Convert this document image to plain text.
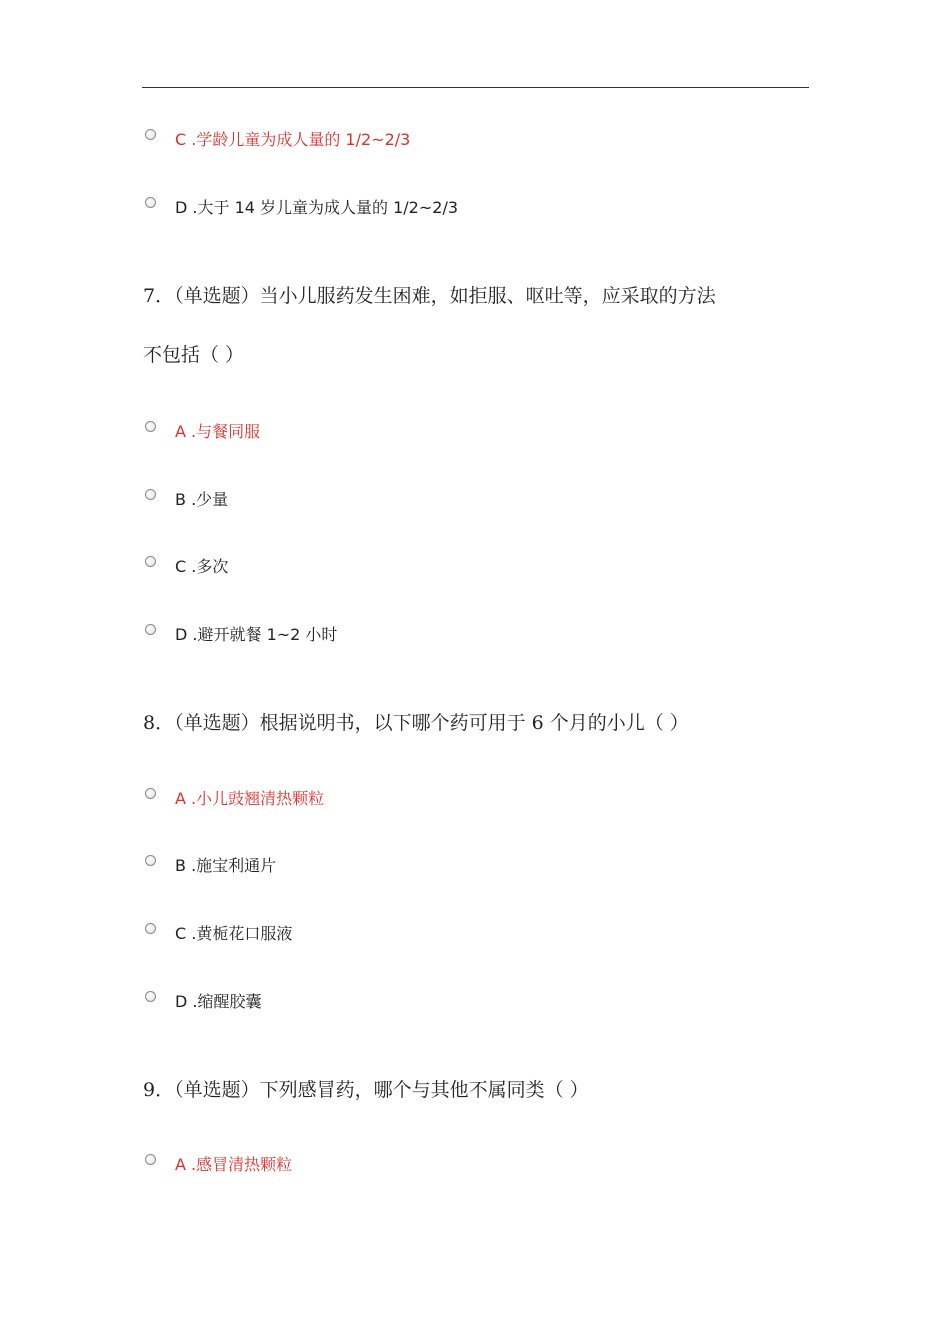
C .学龄儿童为成人量的 1/2~2/3
D .大于 14 岁儿童为成人量的 1/2~2/3
7．（单选题）当小儿服药发生困难，如拒服、呕吐等，应采取的方法
不包括（ ）
A .与餐同服
B .少量
C .多次
D .避开就餐 1~2 小时
8．（单选题）根据说明书，以下哪个药可用于 6 个月的小儿（ ）
A .小儿豉翘清热颗粒
B .施宝利通片
C .黄栀花口服液
D .缩醒胶囊
9．（单选题）下列感冒药，哪个与其他不属同类（ ）
A .感冒清热颗粒
